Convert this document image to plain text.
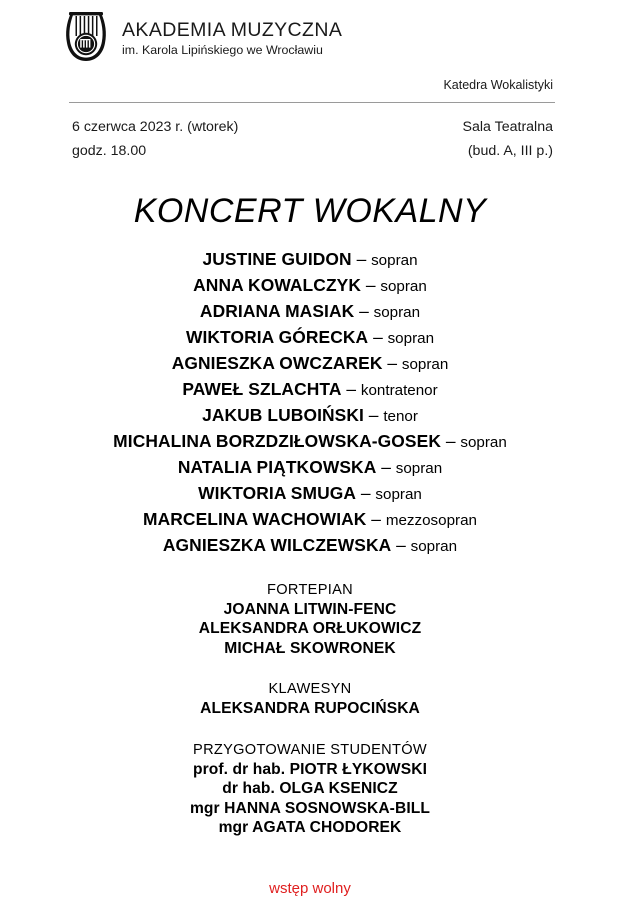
AKADEMIA MUZYCZNA
im. Karola Lipińskiego we Wrocławiu
Katedra Wokalistyki
6 czerwca 2023 r. (wtorek)
godz. 18.00
Sala Teatralna
(bud. A, III p.)
KONCERT WOKALNY
JUSTINE GUIDON – sopran
ANNA KOWALCZYK – sopran
ADRIANA MASIAK – sopran
WIKTORIA GÓRECKA – sopran
AGNIESZKA OWCZAREK – sopran
PAWEŁ SZLACHTA – kontratenor
JAKUB LUBOIŃSKI – tenor
MICHALINA BORZDZIŁOWSKA-GOSEK – sopran
NATALIA PIĄTKOWSKA – sopran
WIKTORIA SMUGA – sopran
MARCELINA WACHOWIAK – mezzosopran
AGNIESZKA WILCZEWSKA – sopran
FORTEPIAN
JOANNA LITWIN-FENC
ALEKSANDRA ORŁUKOWICZ
MICHAŁ SKOWRONEK
KLAWESYN
ALEKSANDRA RUPOCIŃSKA
PRZYGOTOWANIE STUDENTÓW
prof. dr hab. PIOTR ŁYKOWSKI
dr hab. OLGA KSENICZ
mgr HANNA SOSNOWSKA-BILL
mgr AGATA CHODOREK
wstęp wolny
